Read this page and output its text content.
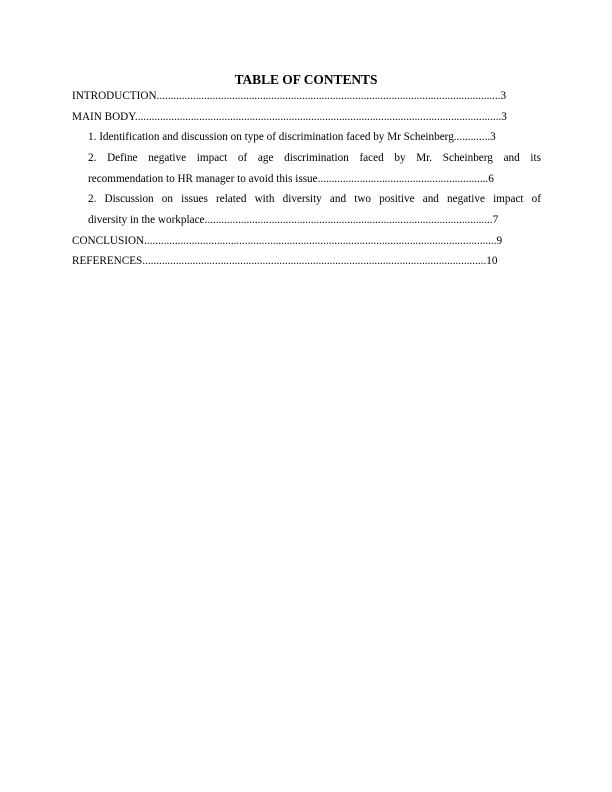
TABLE OF CONTENTS
INTRODUCTION...........................................................................................................................3
MAIN BODY...................................................................................................................................3
1. Identification and discussion on type of discrimination faced by Mr Scheinberg.............3
2. Define negative impact of age discrimination faced by Mr. Scheinberg and its
recommendation to HR manager to avoid this issue.............................................................6
2. Discussion on issues related with diversity and two positive and negative impact of
diversity in the workplace.......................................................................................................7
CONCLUSION..............................................................................................................................9
REFERENCES...........................................................................................................................10
